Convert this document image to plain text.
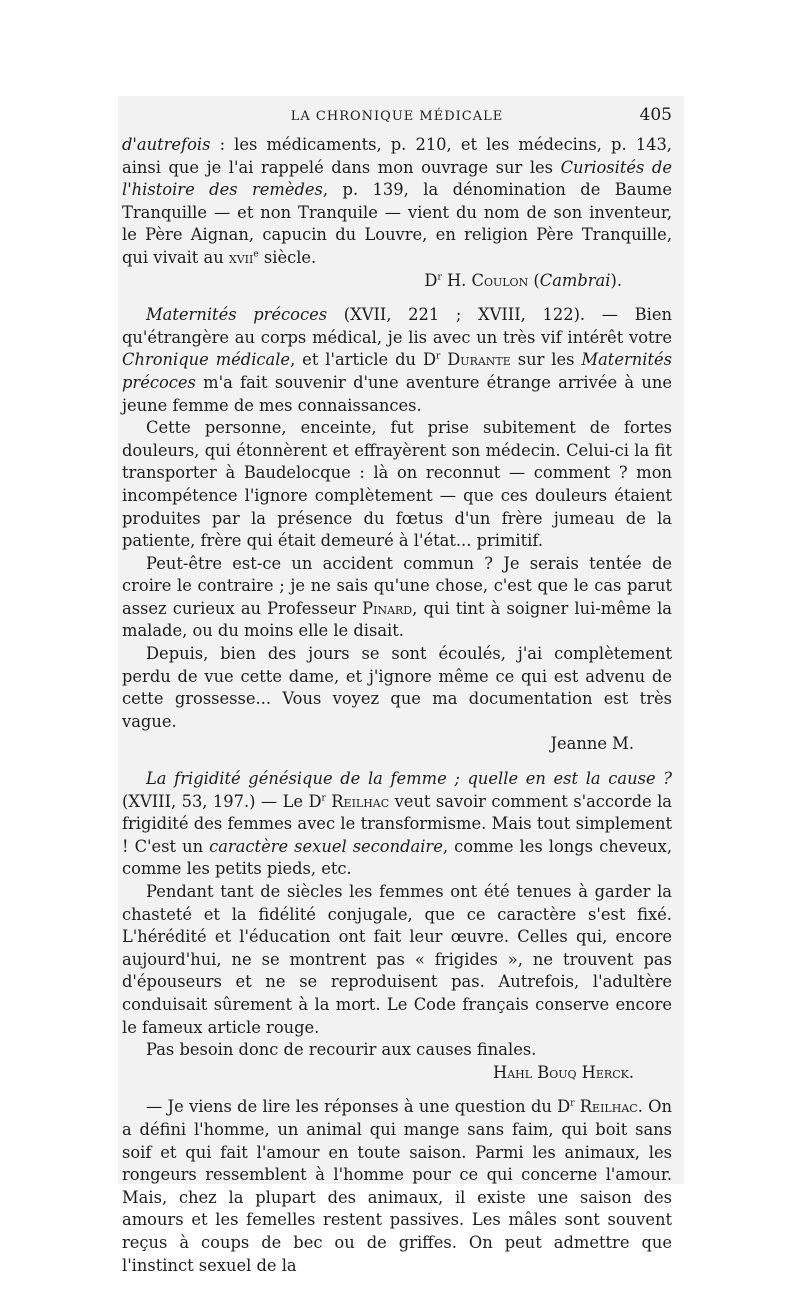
LA CHRONIQUE MÉDICALE	405

d'autrefois : les médicaments, p. 210, et les médecins, p. 143, ainsi que je l'ai rappelé dans mon ouvrage sur les Curiosités de l'histoire des remèdes, p. 139, la dénomination de Baume Tranquille — et non Tranquile — vient du nom de son inventeur, le Père Aignan, capucin du Louvre, en religion Père Tranquille, qui vivait au xvii$^e$ siècle.

$D^r$ H. Coulon (Cambrai).

Maternités précoces (XVII, 221 ; XVIII, 122). — Bien qu'étrangère au corps médical, je lis avec un très vif intérêt votre Chronique médicale, et l'article du $D^r$ Durante sur les Maternités précoces m'a fait souvenir d'une aventure étrange arrivée à une jeune femme de mes connaissances.

Cette personne, enceinte, fut prise subitement de fortes douleurs, qui étonnèrent et effrayèrent son médecin. Celui-ci la fit transporter à Baudelocque : là on reconnut — comment ? mon incompétence l'ignore complètement — que ces douleurs étaient produites par la présence du fœtus d'un frère jumeau de la patiente, frère qui était demeuré à l'état... primitif.

Peut-être est-ce un accident commun ? Je serais tentée de croire le contraire ; je ne sais qu'une chose, c'est que le cas parut assez curieux au Professeur Pinard, qui tint à soigner lui-même la malade, ou du moins elle le disait.

Depuis, bien des jours se sont écoulés, j'ai complètement perdu de vue cette dame, et j'ignore même ce qui est advenu de cette grossesse... Vous voyez que ma documentation est très vague.

Jeanne M.

La frigidité génésique de la femme ; quelle en est la cause ? (XVIII, 53, 197.) — Le $D^r$ Reilhac veut savoir comment s'accorde la frigidité des femmes avec le transformisme. Mais tout simplement ! C'est un caractère sexuel secondaire, comme les longs cheveux, comme les petits pieds, etc.

Pendant tant de siècles les femmes ont été tenues à garder la chasteté et la fidélité conjugale, que ce caractère s'est fixé. L'hérédité et l'éducation ont fait leur œuvre. Celles qui, encore aujourd'hui, ne se montrent pas « frigides », ne trouvent pas d'épouseurs et ne se reproduisent pas. Autrefois, l'adultère conduisait sûrement à la mort. Le Code français conserve encore le fameux article rouge.

Pas besoin donc de recourir aux causes finales.

Hahl Bouq Herck.

— Je viens de lire les réponses à une question du $D^r$ Reilhac. On a défini l'homme, un animal qui mange sans faim, qui boit sans soif et qui fait l'amour en toute saison. Parmi les animaux, les rongeurs ressemblent à l'homme pour ce qui concerne l'amour. Mais, chez la plupart des animaux, il existe une saison des amours et les femelles restent passives. Les mâles sont souvent reçus à coups de bec ou de griffes. On peut admettre que l'instinct sexuel de la
